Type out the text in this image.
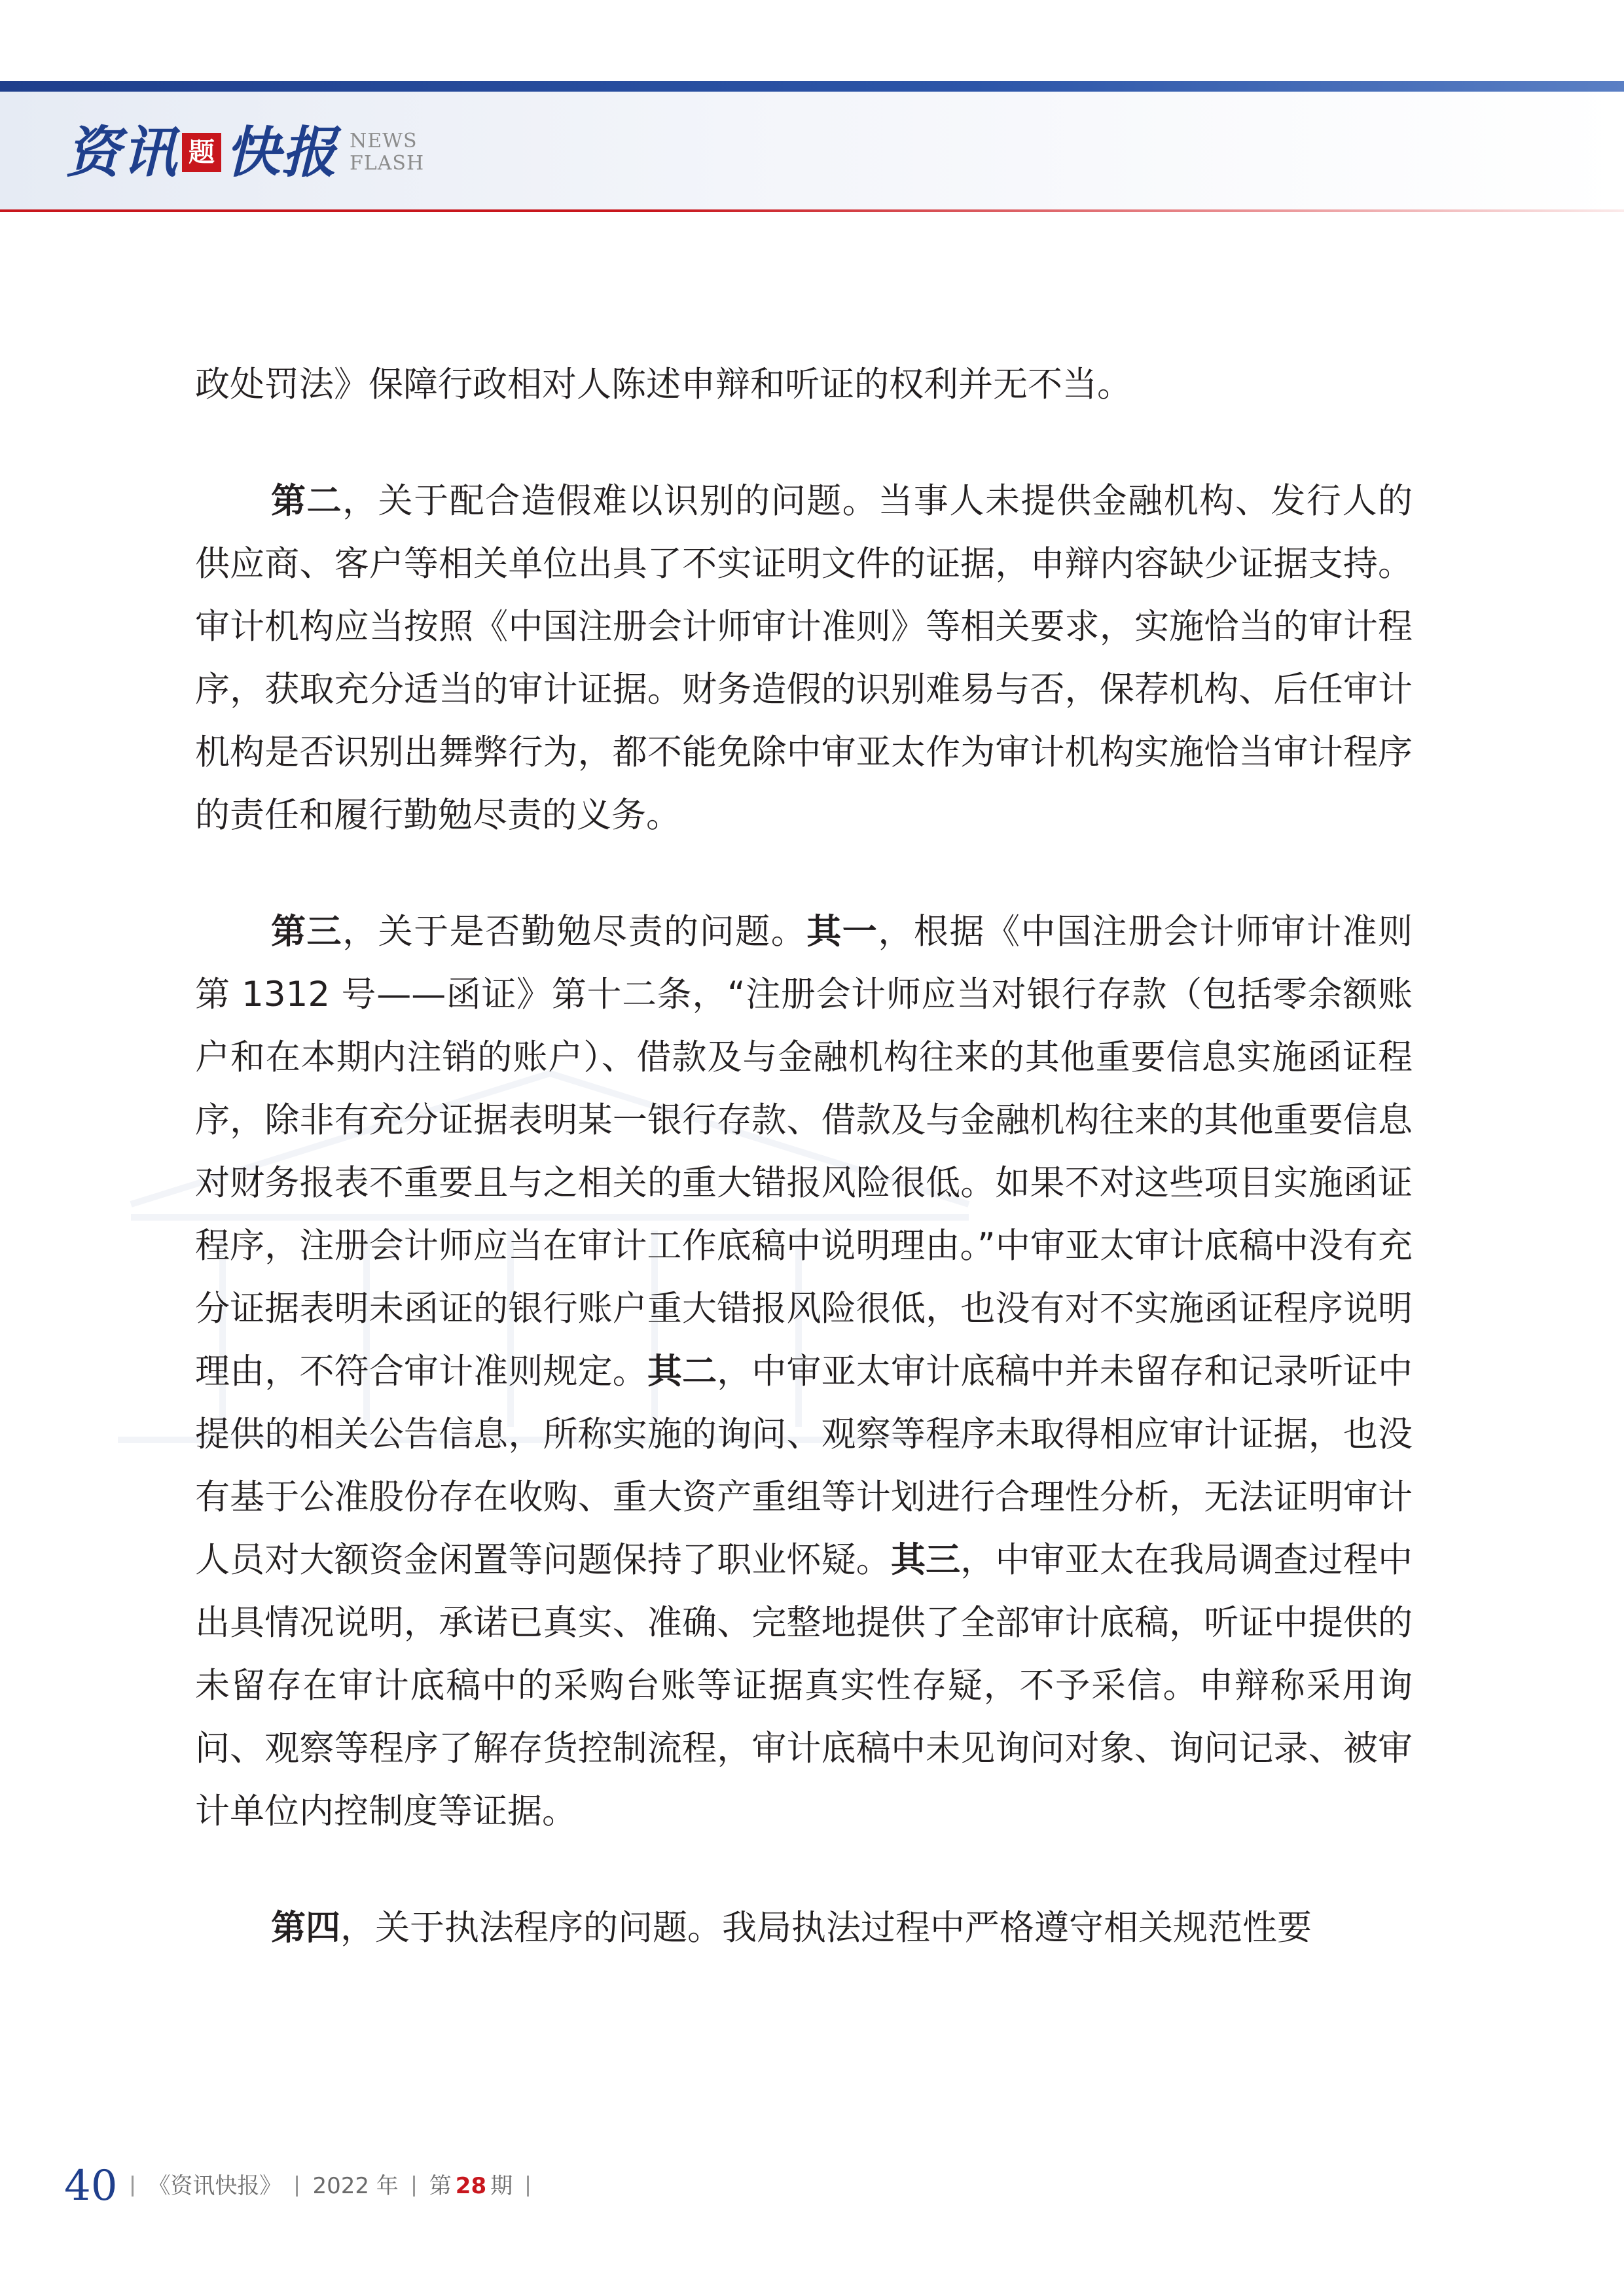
资讯 题 快报 NEWS
FLASH

政处罚法》保障行政相对人陈述申辩和听证的权利并无不当。

第二，关于配合造假难以识别的问题。当事人未提供金融机构、发行人的供应商、客户等相关单位出具了不实证明文件的证据，申辩内容缺少证据支持。审计机构应当按照《中国注册会计师审计准则》等相关要求，实施恰当的审计程序，获取充分适当的审计证据。财务造假的识别难易与否，保荐机构、后任审计机构是否识别出舞弊行为，都不能免除中审亚太作为审计机构实施恰当审计程序的责任和履行勤勉尽责的义务。

第三，关于是否勤勉尽责的问题。其一，根据《中国注册会计师审计准则第 1312 号——函证》第十二条，“注册会计师应当对银行存款（包括零余额账户和在本期内注销的账户）、借款及与金融机构往来的其他重要信息实施函证程序，除非有充分证据表明某一银行存款、借款及与金融机构往来的其他重要信息对财务报表不重要且与之相关的重大错报风险很低。如果不对这些项目实施函证程序，注册会计师应当在审计工作底稿中说明理由。”中审亚太审计底稿中没有充分证据表明未函证的银行账户重大错报风险很低，也没有对不实施函证程序说明理由，不符合审计准则规定。其二，中审亚太审计底稿中并未留存和记录听证中提供的相关公告信息，所称实施的询问、观察等程序未取得相应审计证据，也没有基于公准股份存在收购、重大资产重组等计划进行合理性分析，无法证明审计人员对大额资金闲置等问题保持了职业怀疑。其三，中审亚太在我局调查过程中出具情况说明，承诺已真实、准确、完整地提供了全部审计底稿，听证中提供的未留存在审计底稿中的采购台账等证据真实性存疑，不予采信。申辩称采用询问、观察等程序了解存货控制流程，审计底稿中未见询问对象、询问记录、被审计单位内控制度等证据。

第四，关于执法程序的问题。我局执法过程中严格遵守相关规范性要

40 《资讯快报》 2022 年 第 28 期
